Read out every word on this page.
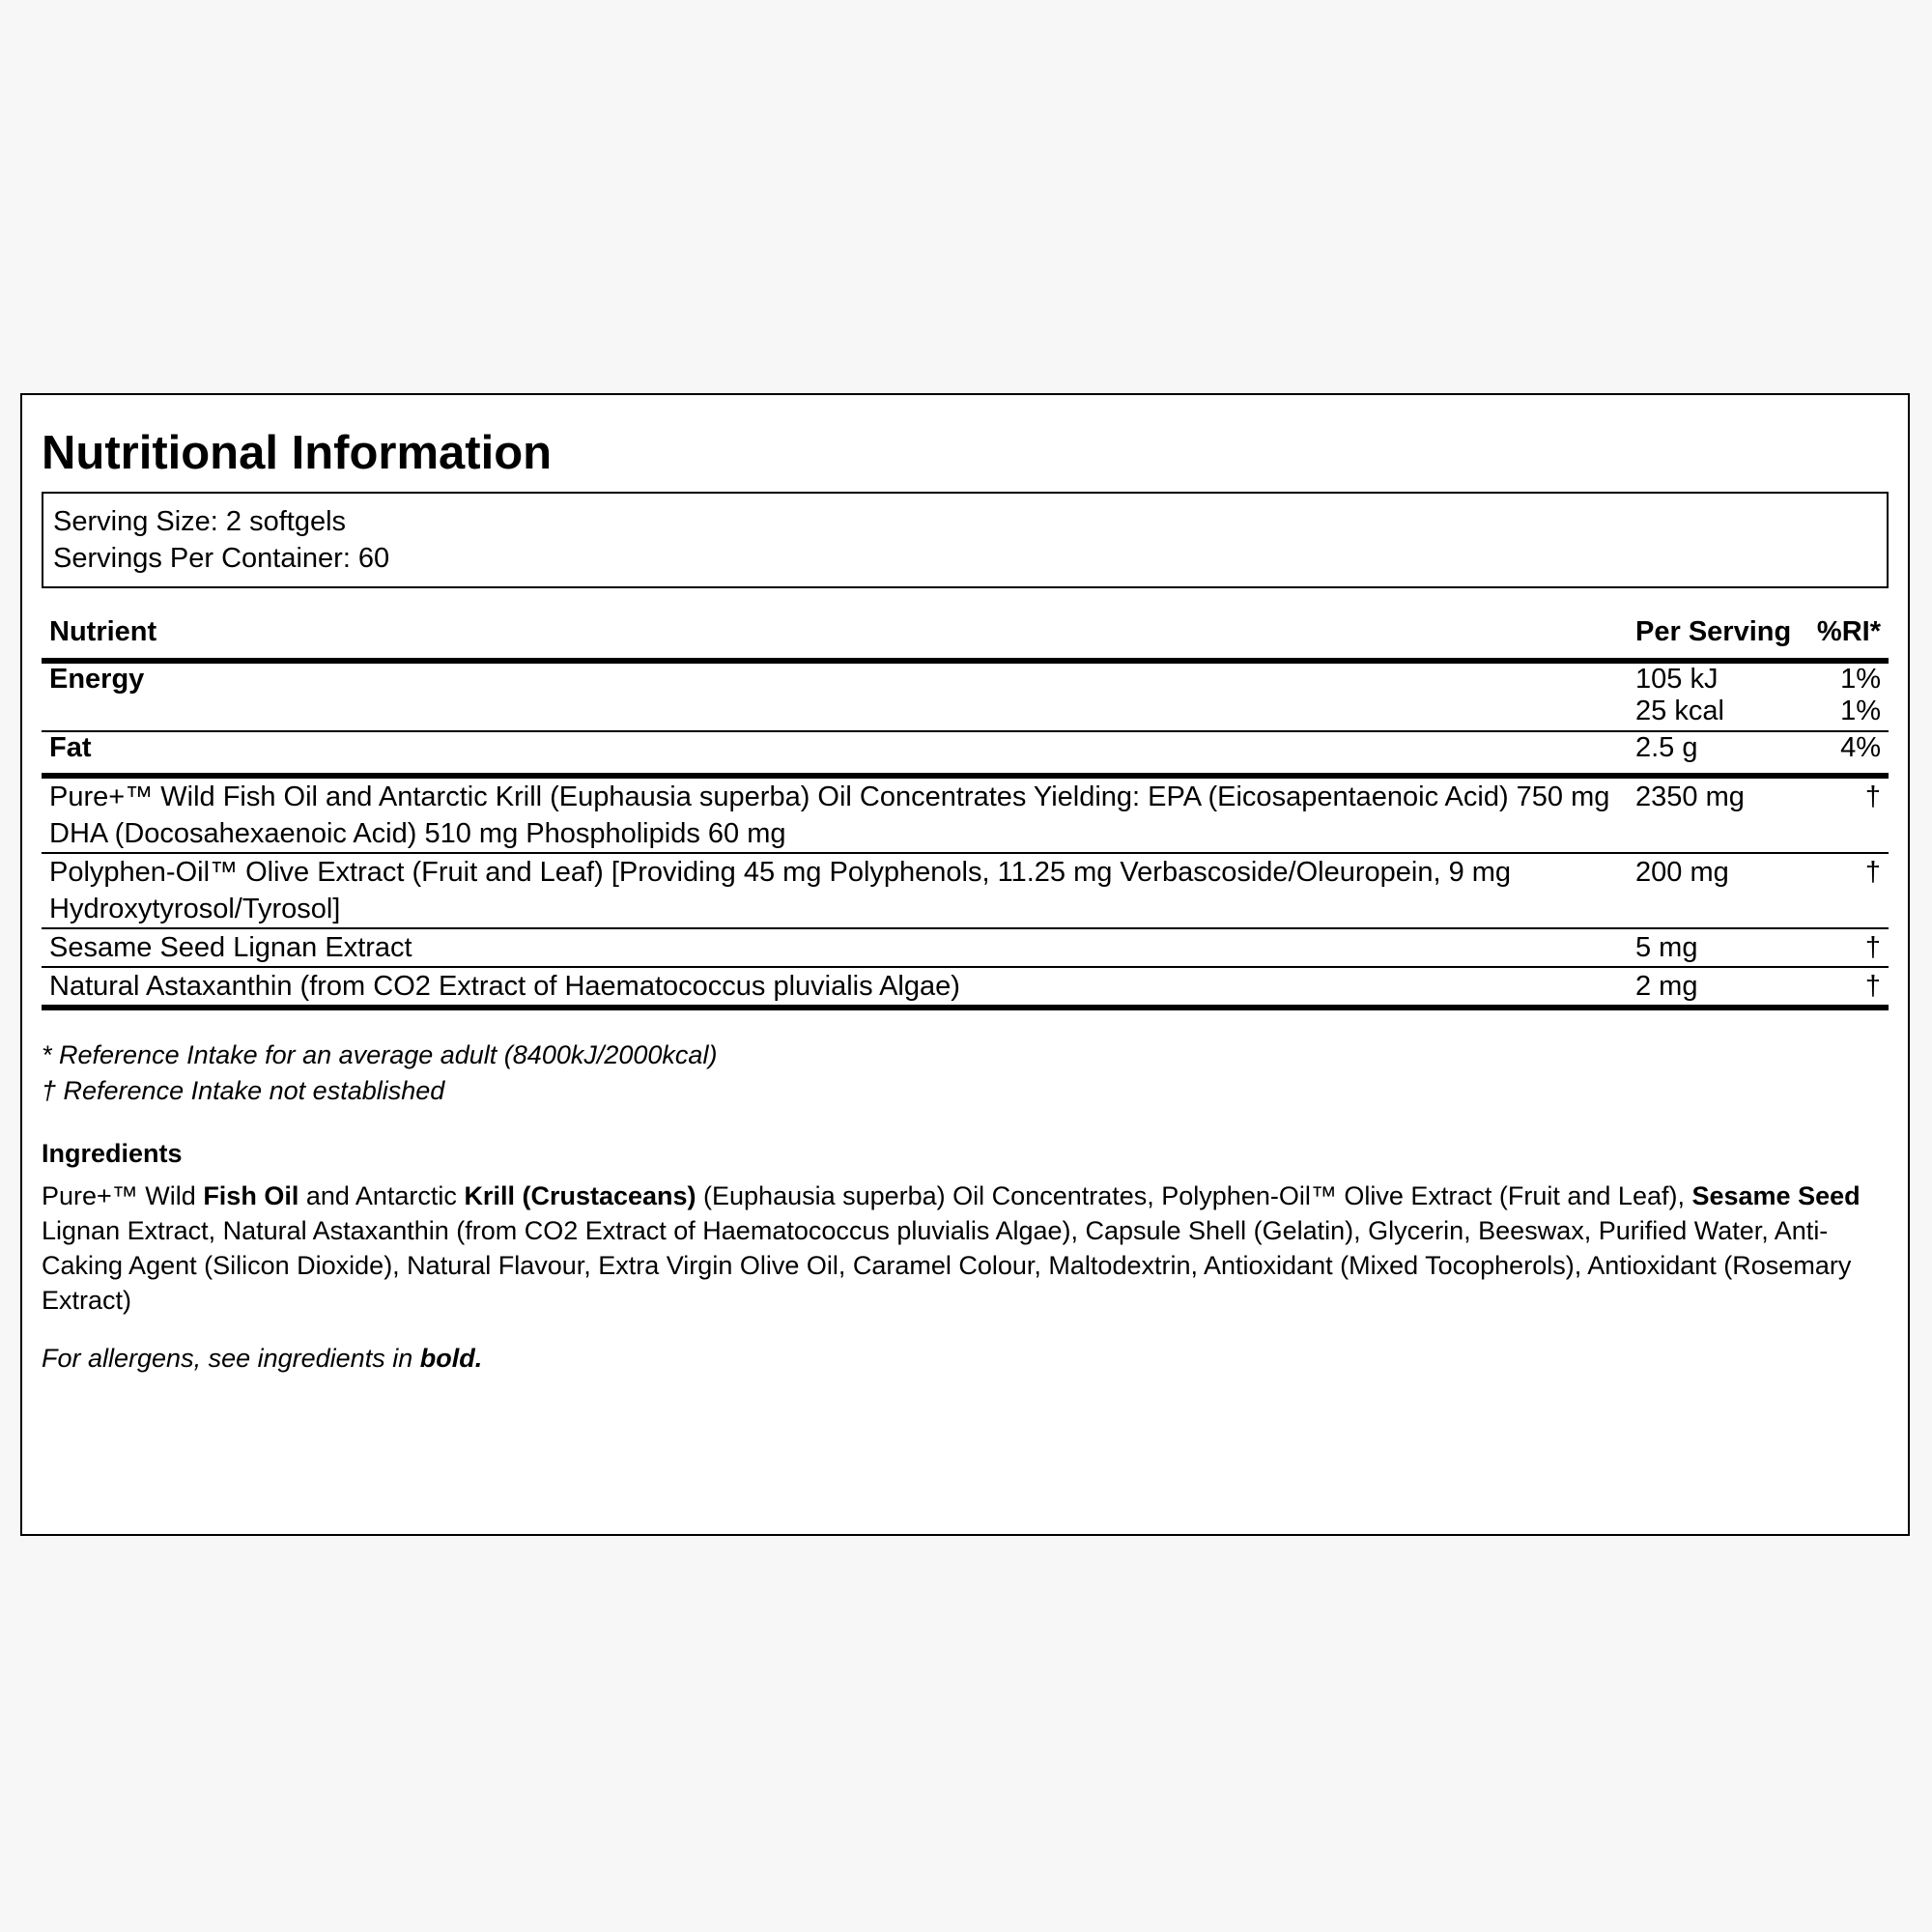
Nutritional Information
Serving Size: 2 softgels
Servings Per Container: 60
Nutrient	Per Serving	%RI*
Energy	105 kJ	1%
	25 kcal	1%
Fat	2.5 g	4%
Pure+™ Wild Fish Oil and Antarctic Krill (Euphausia superba) Oil Concentrates Yielding: EPA (Eicosapentaenoic Acid) 750 mg DHA (Docosahexaenoic Acid) 510 mg Phospholipids 60 mg	2350 mg	†
Polyphen-Oil™ Olive Extract (Fruit and Leaf) [Providing 45 mg Polyphenols, 11.25 mg Verbascoside/Oleuropein, 9 mg Hydroxytyrosol/Tyrosol]	200 mg	†
Sesame Seed Lignan Extract	5 mg	†
Natural Astaxanthin (from CO2 Extract of Haematococcus pluvialis Algae)	2 mg	†
* Reference Intake for an average adult (8400kJ/2000kcal)
† Reference Intake not established
Ingredients
Pure+™ Wild Fish Oil and Antarctic Krill (Crustaceans) (Euphausia superba) Oil Concentrates, Polyphen-Oil™ Olive Extract (Fruit and Leaf), Sesame Seed Lignan Extract, Natural Astaxanthin (from CO2 Extract of Haematococcus pluvialis Algae), Capsule Shell (Gelatin), Glycerin, Beeswax, Purified Water, Anti-Caking Agent (Silicon Dioxide), Natural Flavour, Extra Virgin Olive Oil, Caramel Colour, Maltodextrin, Antioxidant (Mixed Tocopherols), Antioxidant (Rosemary Extract)
For allergens, see ingredients in bold.
